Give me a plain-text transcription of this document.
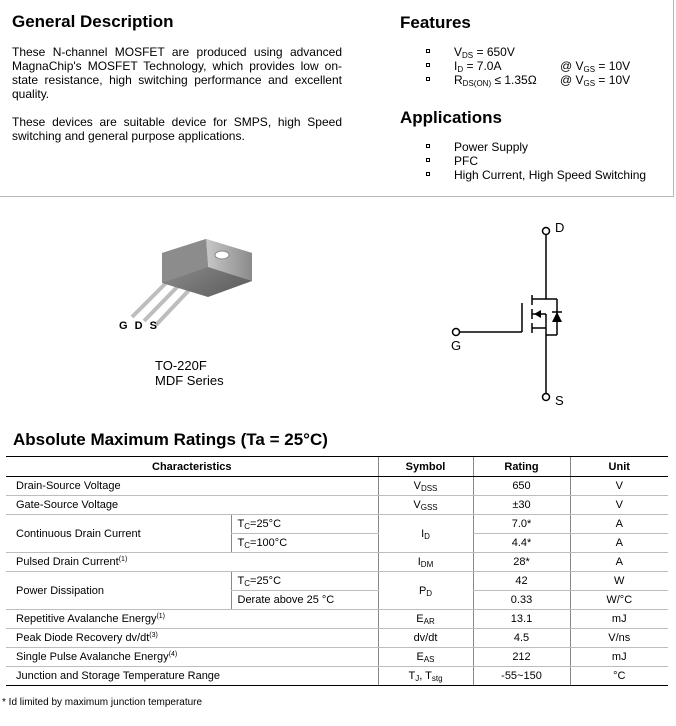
General Description
These N-channel MOSFET are produced using advanced MagnaChip's MOSFET Technology, which provides low on-state resistance, high switching performance and excellent quality.
These devices are suitable device for SMPS, high Speed switching and general purpose applications.
Features
$V_{DS} = 650V$
$I_D = 7.0A$	@ $V_{GS} = 10V$
$R_{DS(ON)} \le 1.35\Omega$ @ $V_{GS} = 10V$
Applications
Power Supply
PFC
High Current, High Speed Switching
G D S
TO-220F
MDF Series
D
G
S
Absolute Maximum Ratings (Ta = 25°C)
Characteristics		Symbol	Rating	Unit
Drain-Source Voltage		$V_{DSS}$	650	V
Gate-Source Voltage		$V_{GSS}$	±30	V
Continuous Drain Current	$T_C=25^\circ C$	$I_D$	7.0*	A
	$T_C=100^\circ C$		4.4*	A
Pulsed Drain Current$^{(1)}$		$I_{DM}$	28*	A
Power Dissipation	$T_C=25^\circ C$	$P_D$	42	W
	Derate above 25 °C		0.33	W/°C
Repetitive Avalanche Energy$^{(1)}$		$E_{AR}$	13.1	mJ
Peak Diode Recovery $dv/dt^{(3)}$		dv/dt	4.5	V/ns
Single Pulse Avalanche Energy$^{(4)}$		$E_{AS}$	212	mJ
Junction and Storage Temperature Range		$T_J$, $T_{stg}$	-55~150	°C
* Id limited by maximum junction temperature
